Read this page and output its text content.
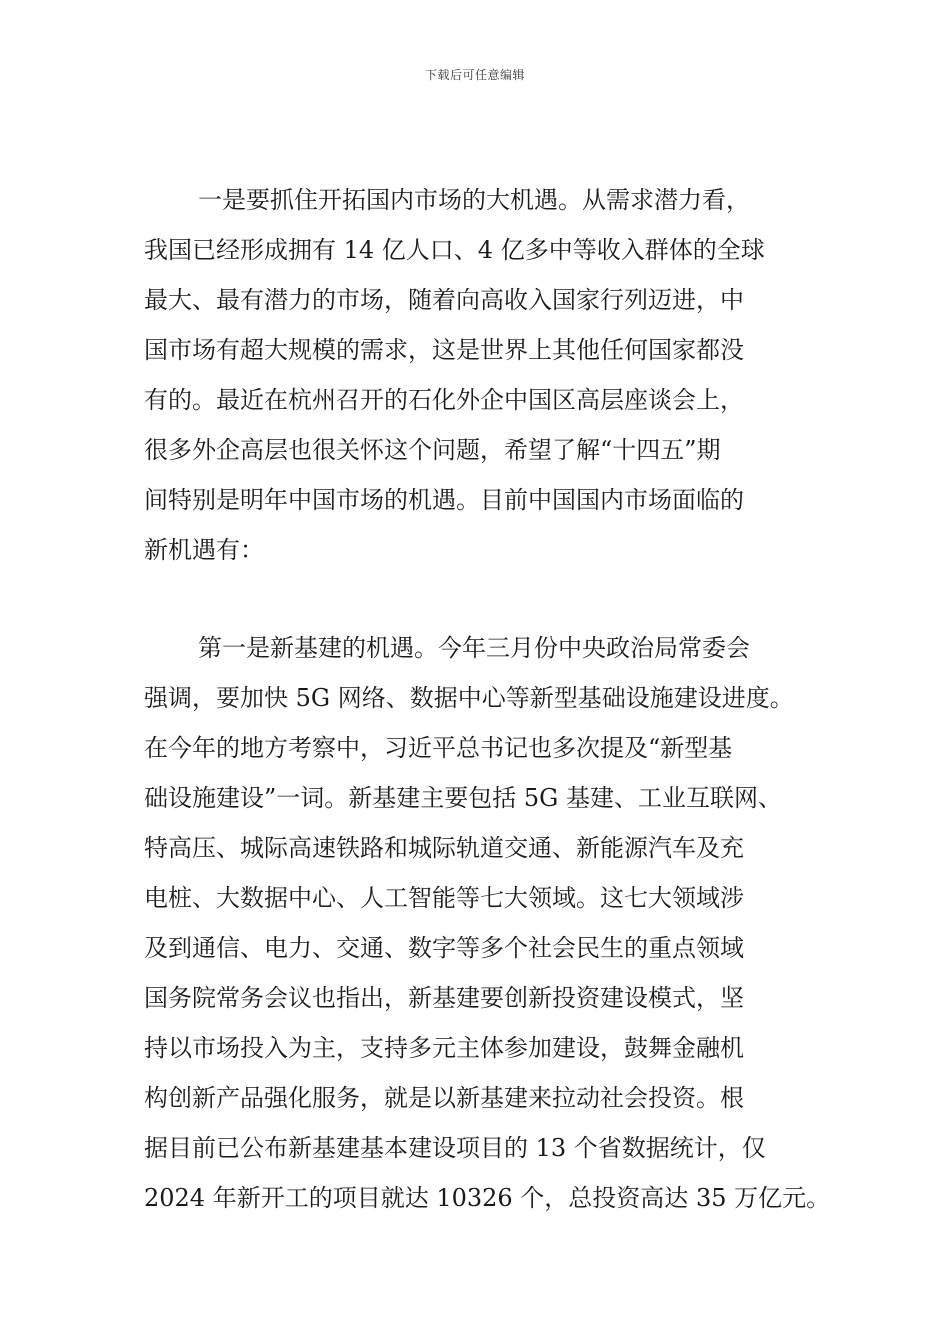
下载后可任意编辑
一是要抓住开拓国内市场的大机遇。从需求潜力看，
我国已经形成拥有 14 亿人口、4 亿多中等收入群体的全球
最大、最有潜力的市场，随着向高收入国家行列迈进，中
国市场有超大规模的需求，这是世界上其他任何国家都没
有的。最近在杭州召开的石化外企中国区高层座谈会上，
很多外企高层也很关怀这个问题，希望了解“十四五”期
间特别是明年中国市场的机遇。目前中国国内市场面临的
新机遇有：
第一是新基建的机遇。今年三月份中央政治局常委会
强调，要加快 5G 网络、数据中心等新型基础设施建设进度。
在今年的地方考察中，习近平总书记也多次提及“新型基
础设施建设”一词。新基建主要包括 5G 基建、工业互联网、
特高压、城际高速铁路和城际轨道交通、新能源汽车及充
电桩、大数据中心、人工智能等七大领域。这七大领域涉
及到通信、电力、交通、数字等多个社会民生的重点领域
国务院常务会议也指出，新基建要创新投资建设模式，坚
持以市场投入为主，支持多元主体参加建设，鼓舞金融机
构创新产品强化服务，就是以新基建来拉动社会投资。根
据目前已公布新基建基本建设项目的 13 个省数据统计，仅
2024 年新开工的项目就达 10326 个，总投资高达 35 万亿元。
